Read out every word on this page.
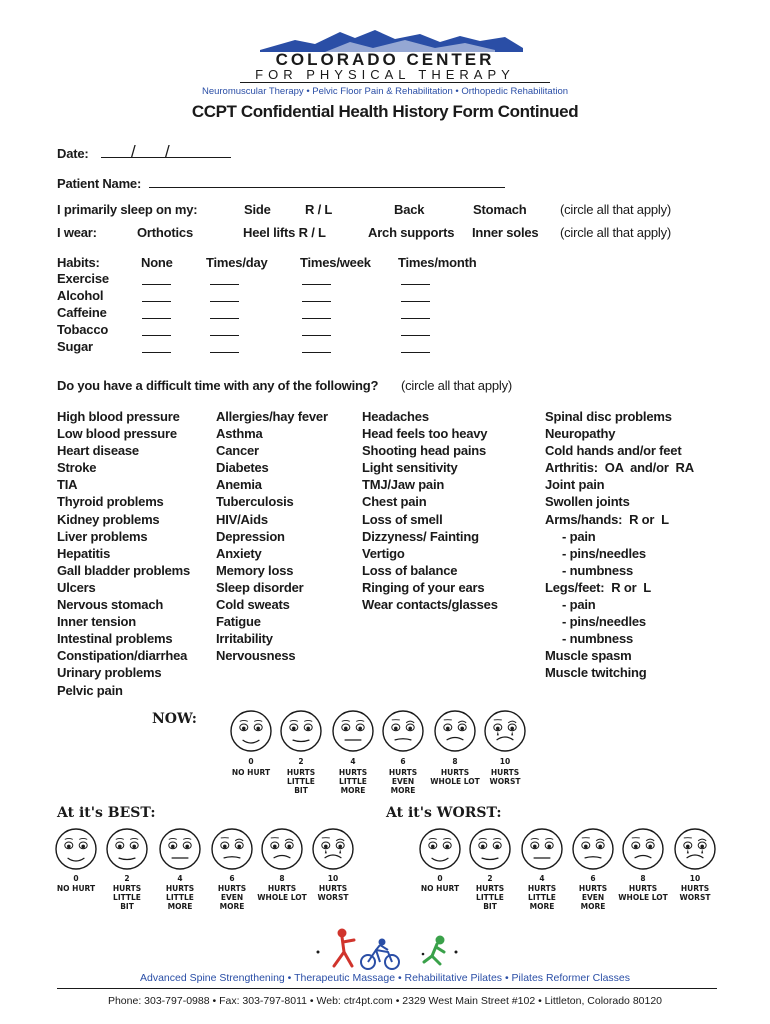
COLORADO CENTER
FOR PHYSICAL THERAPY
Neuromuscular Therapy • Pelvic Floor Pain & Rehabilitation • Orthopedic Rehabilitation
CCPT Confidential Health History Form Continued
Date: / /
Patient Name:
I primarily sleep on my:	Side	R / L	Back	Stomach	(circle all that apply)
I wear:	Orthotics	Heel lifts R / L	Arch supports Inner soles (circle all that apply)
Habits:	None	Times/day Times/week Times/month
Exercise
Alcohol
Caffeine
Tobacco
Sugar
Do you have a difficult time with any of the following? (circle all that apply)
High blood pressure
Low blood pressure
Heart disease
Stroke
TIA
Thyroid problems
Kidney problems
Liver problems
Hepatitis
Gall bladder problems
Ulcers
Nervous stomach
Inner tension
Intestinal problems
Constipation/diarrhea
Urinary problems
Pelvic pain
Allergies/hay fever
Asthma
Cancer
Diabetes
Anemia
Tuberculosis
HIV/Aids
Depression
Anxiety
Memory loss
Sleep disorder
Cold sweats
Fatigue
Irritability
Nervousness
Headaches
Head feels too heavy
Shooting head pains
Light sensitivity
TMJ/Jaw pain
Chest pain
Loss of smell
Dizzyness/ Fainting
Vertigo
Loss of balance
Ringing of your ears
Wear contacts/glasses
Spinal disc problems
Neuropathy
Cold hands and/or feet
Arthritis:  OA  and/or  RA
Joint pain
Swollen joints
Arms/hands:  R or  L
- pain
- pins/needles
- numbness
Legs/feet:  R or  L
- pain
- pins/needles
- numbness
Muscle spasm
Muscle twitching
NOW:
At it's BEST:	At it's WORST:
0
NO HURT
2
HURTS
LITTLE
BIT
4
HURTS
LITTLE
MORE
6
HURTS
EVEN
MORE
8
HURTS
WHOLE LOT
10
HURTS
WORST
0
NO HURT
2
HURTS
LITTLE
BIT
4
HURTS
LITTLE
MORE
6
HURTS
EVEN
MORE
8
HURTS
WHOLE LOT
10
HURTS
WORST
0
NO HURT
2
HURTS
LITTLE
BIT
4
HURTS
LITTLE
MORE
6
HURTS
EVEN
MORE
8
HURTS
WHOLE LOT
10
HURTS
WORST
Advanced Spine Strengthening • Therapeutic Massage • Rehabilitative Pilates • Pilates Reformer Classes
Phone: 303-797-0988 • Fax: 303-797-8011 • Web: ctr4pt.com • 2329 West Main Street #102 • Littleton, Colorado 80120
